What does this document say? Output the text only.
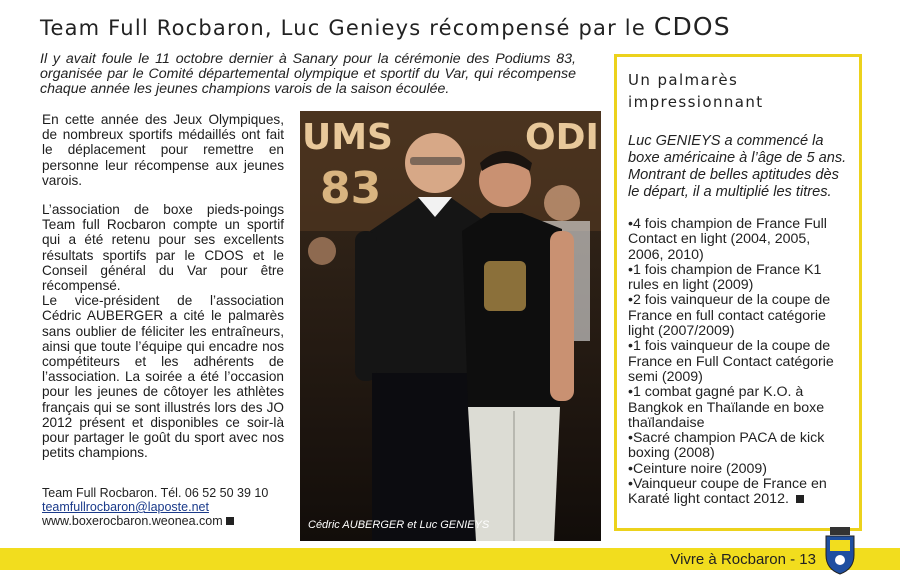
Team Full Rocbaron, Luc Genieys récompensé par le CDOS

Il y avait foule le 11 octobre dernier à Sanary pour la cérémonie des Podiums 83, organisée par le Comité départemental olympique et sportif du Var, qui récompense chaque année les jeunes champions varois de la saison écoulée.

En cette année des Jeux Olympiques, de nombreux sportifs médaillés ont fait le déplacement pour remettre en personne leur récompense aux jeunes varois.

L’association de boxe pieds-poings Team full Rocbaron compte un sportif qui a été retenu pour ses excellents résultats sportifs par le CDOS et le Conseil général du Var pour être récompensé.

Le vice-président de l’association Cédric AUBERGER a cité le palmarès sans oublier de féliciter les entraîneurs, ainsi que toute l’équipe qui encadre nos compétiteurs et les adhérents de l’association. La soirée a été l’occasion pour les jeunes de côtoyer les athlètes français qui se sont illustrés lors des JO 2012 présent et disponibles ce soir-là pour partager le goût du sport avec nos petits champions.

Team Full Rocbaron. Tél. 06 52 50 39 10
teamfullrocbaron@laposte.net
www.boxerocbaron.weonea.com
UMS	ODI
83
Cédric AUBERGER et Luc GENIEYS
Un palmarès impressionnant

Luc GENIEYS a commencé la boxe américaine à l’âge de 5 ans. Montrant de belles aptitudes dès le départ, il a multiplié les titres.

• 4 fois champion de France Full Contact en light (2004, 2005, 2006, 2010)
• 1 fois champion de France K1 rules en light (2009)
• 2 fois vainqueur de la coupe de France en full contact catégorie light (2007/2009)
• 1 fois vainqueur de la coupe de France en Full Contact catégorie semi (2009)
• 1 combat gagné par K.O. à Bangkok en Thaïlande en boxe thaïlandaise
• Sacré champion PACA de kick boxing (2008)
• Ceinture noire (2009)
• Vainqueur coupe de France en Karaté light contact 2012.
Vivre à Rocbaron - 13
